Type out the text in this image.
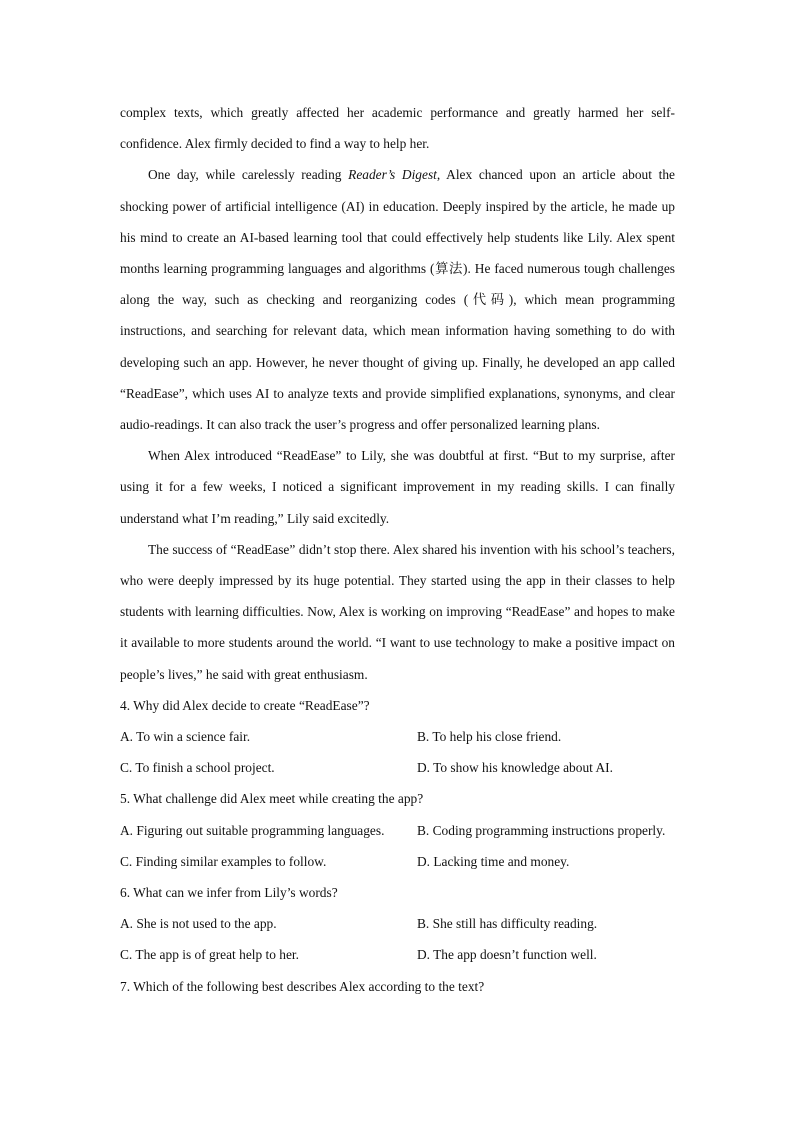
complex texts, which greatly affected her academic performance and greatly harmed her self-confidence. Alex firmly decided to find a way to help her.

One day, while carelessly reading Reader’s Digest, Alex chanced upon an article about the shocking power of artificial intelligence (AI) in education. Deeply inspired by the article, he made up his mind to create an AI-based learning tool that could effectively help students like Lily. Alex spent months learning programming languages and algorithms (算法). He faced numerous tough challenges along the way, such as checking and reorganizing codes (代码), which mean programming instructions, and searching for relevant data, which mean information having something to do with developing such an app. However, he never thought of giving up. Finally, he developed an app called “ReadEase”, which uses AI to analyze texts and provide simplified explanations, synonyms, and clear audio-readings. It can also track the user’s progress and offer personalized learning plans.

When Alex introduced “ReadEase” to Lily, she was doubtful at first. “But to my surprise, after using it for a few weeks, I noticed a significant improvement in my reading skills. I can finally understand what I’m reading,” Lily said excitedly.

The success of “ReadEase” didn’t stop there. Alex shared his invention with his school’s teachers, who were deeply impressed by its huge potential. They started using the app in their classes to help students with learning difficulties. Now, Alex is working on improving “ReadEase” and hopes to make it available to more students around the world. “I want to use technology to make a positive impact on people’s lives,” he said with great enthusiasm.

4. Why did Alex decide to create “ReadEase”?

A. To win a science fair.	B. To help his close friend.
C. To finish a school project.	D. To show his knowledge about AI.

5. What challenge did Alex meet while creating the app?

A. Figuring out suitable programming languages.	B. Coding programming instructions properly.
C. Finding similar examples to follow.	D. Lacking time and money.

6. What can we infer from Lily’s words?

A. She is not used to the app.	B. She still has difficulty reading.
C. The app is of great help to her.	D. The app doesn’t function well.

7. Which of the following best describes Alex according to the text?
